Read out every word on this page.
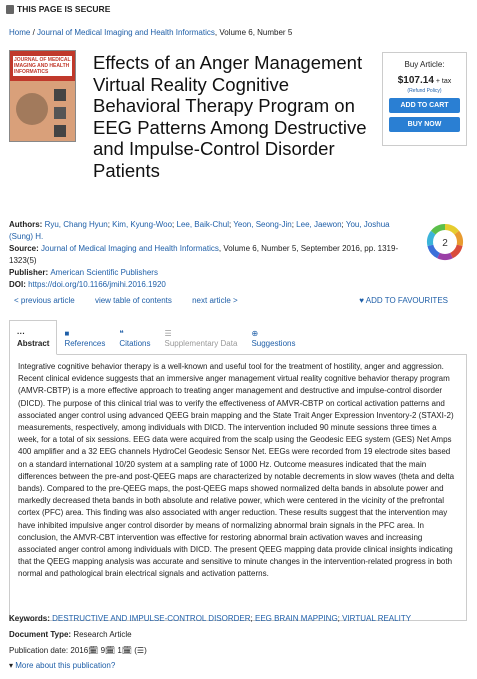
THIS PAGE IS SECURE
Home / Journal of Medical Imaging and Health Informatics, Volume 6, Number 5
JOURNAL OF MEDICAL IMAGING AND HEALTH INFORMATICS	Effects of an Anger Management Virtual Reality Cognitive Behavioral Therapy Program on EEG Patterns Among Destructive and Impulse-Control Disorder Patients
Buy Article:
$107.14 + tax
(Refund Policy)
ADD TO CART
BUY NOW
Authors: Ryu, Chang Hyun; Kim, Kyung-Woo; Lee, Baik-Chul; Yeon, Seong-Jin; Lee, Jaewon; You, Joshua (Sung) H.
Source: Journal of Medical Imaging and Health Informatics, Volume 6, Number 5, September 2016, pp. 1319-1323(5)
Publisher: American Scientific Publishers
DOI: https://doi.org/10.1166/jmihi.2016.1920
2
< previous article	view table of contents	next article >	♥ ADD TO FAVOURITES
···
Abstract
■
References
❝
Citations
☰
Supplementary Data
⊕
Suggestions
Integrative cognitive behavior therapy is a well-known and useful tool for the treatment of hostility, anger and aggression. Recent clinical evidence suggests that an immersive anger management virtual reality cognitive behavior therapy program (AMVR-CBTP) is a more effective approach to treating anger management and destructive and impulse-control disorder (DICD). The purpose of this clinical trial was to verify the effectiveness of AMVR-CBTP on cortical activation patterns and associated anger control using advanced QEEG brain mapping and the State Trait Anger Expression Inventory-2 (STAXI-2) measurements, respectively, among individuals with DICD. The intervention included 90 minute sessions three times a week, for a total of six sessions. EEG data were acquired from the scalp using the Geodesic EEG system (GES) Net Amps 400 amplifier and a 32 EEG channels HydroCel Geodesic Sensor Net. EEGs were recorded from 19 electrode sites based on a standard international 10/20 system at a sampling rate of 1000 Hz. Outcome measures indicated that the main differences between the pre-and post-QEEG maps are characterized by notable decrements in slow waves (theta and delta bands). Compared to the pre-QEEG maps, the post-QEEG maps showed normalized delta bands in absolute power and markedly decreased theta bands in both absolute and relative power, which were centered in the vicinity of the prefrontal cortex (PFC) area. This finding was also associated with anger reduction. These results suggest that the intervention may have inhibited impulsive anger control disorder by means of normalizing abnormal brain signals in the PFC area. In conclusion, the AMVR-CBT intervention was effective for restoring abnormal brain activation waves and increasing associated anger control among individuals with DICD. The present QEEG mapping data provide clinical insights indicating that the QEEG mapping analysis was accurate and sensitive to minute changes in the intervention-related progress in both normal and pathological brain electrical signals and activation patterns.
Keywords: DESTRUCTIVE AND IMPULSE-CONTROL DISORDER; EEG BRAIN MAPPING; VIRTUAL REALITY
Document Type: Research Article
Publication date: 2016🗓 9🗓 1🗓 (☰)
▾ More about this publication?
